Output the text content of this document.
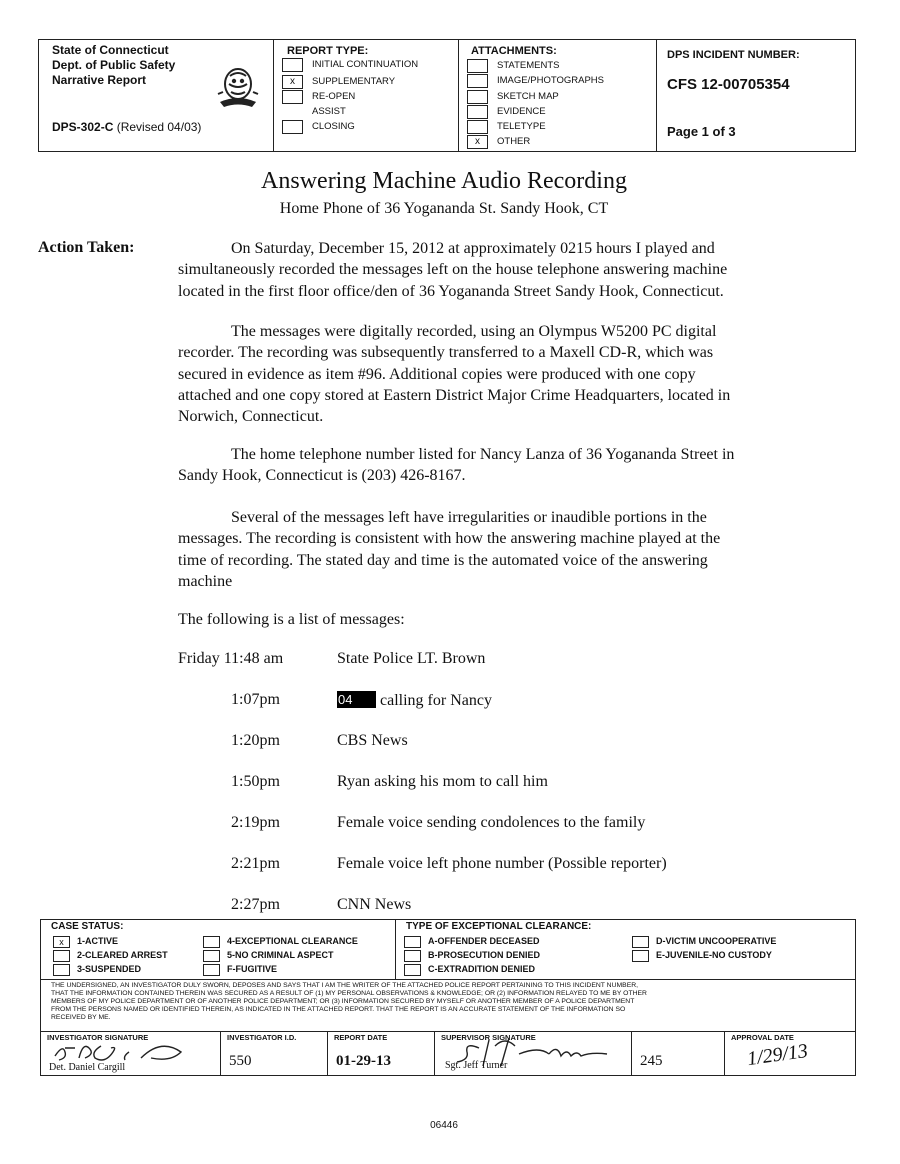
State of Connecticut
Dept. of Public Safety
Narrative Report
DPS-302-C (Revised 04/03)
REPORT TYPE:
INITIAL CONTINUATION
x	SUPPLEMENTARY
RE-OPEN
ASSIST
CLOSING
ATTACHMENTS:
STATEMENTS
IMAGE/PHOTOGRAPHS
SKETCH MAP
EVIDENCE
TELETYPE
x	OTHER
DPS INCIDENT NUMBER:
CFS 12-00705354
Page 1 of 3
Answering Machine Audio Recording
Home Phone of 36 Yogananda St. Sandy Hook, CT
Action Taken:	On Saturday, December 15, 2012 at approximately 0215 hours I played and
simultaneously recorded the messages left on the house telephone answering machine
located in the first floor office/den of 36 Yogananda Street Sandy Hook, Connecticut.
The messages were digitally recorded, using an Olympus W5200 PC digital
recorder. The recording was subsequently transferred to a Maxell CD-R, which was
secured in evidence as item #96. Additional copies were produced with one copy
attached and one copy stored at Eastern District Major Crime Headquarters, located in
Norwich, Connecticut.
The home telephone number listed for Nancy Lanza of 36 Yogananda Street in
Sandy Hook, Connecticut is (203) 426-8167.
Several of the messages left have irregularities or inaudible portions in the
messages. The recording is consistent with how the answering machine played at the
time of recording. The stated day and time is the automated voice of the answering
machine
The following is a list of messages:
Friday 11:48 am	State Police LT. Brown
1:07pm	04 calling for Nancy
1:20pm	CBS News
1:50pm	Ryan asking his mom to call him
2:19pm	Female voice sending condolences to the family
2:21pm	Female voice left phone number (Possible reporter)
2:27pm	CNN News
CASE STATUS:
x	1-ACTIVE
2-CLEARED ARREST
3-SUSPENDED
4-EXCEPTIONAL CLEARANCE
5-NO CRIMINAL ASPECT
F-FUGITIVE
TYPE OF EXCEPTIONAL CLEARANCE:
A-OFFENDER DECEASED
B-PROSECUTION DENIED
C-EXTRADITION DENIED
D-VICTIM UNCOOPERATIVE
E-JUVENILE-NO CUSTODY
THE UNDERSIGNED, AN INVESTIGATOR DULY SWORN, DEPOSES AND SAYS THAT I AM THE WRITER OF THE ATTACHED POLICE REPORT PERTAINING TO THIS INCIDENT NUMBER,
THAT THE INFORMATION CONTAINED THEREIN WAS SECURED AS A RESULT OF (1) MY PERSONAL OBSERVATIONS & KNOWLEDGE; OR (2) INFORMATION RELAYED TO ME BY OTHER
MEMBERS OF MY POLICE DEPARTMENT OR OF ANOTHER POLICE DEPARTMENT; OR (3) INFORMATION SECURED BY MYSELF OR ANOTHER MEMBER OF A POLICE DEPARTMENT
FROM THE PERSONS NAMED OR IDENTIFIED THEREIN, AS INDICATED IN THE ATTACHED REPORT. THAT THE REPORT IS AN ACCURATE STATEMENT OF THE INFORMATION SO
RECEIVED BY ME.
INVESTIGATOR SIGNATURE
Det. Daniel Cargill
INVESTIGATOR I.D.
550
REPORT DATE
01-29-13
SUPERVISOR SIGNATURE
Sgt. Jeff Turner	245
APPROVAL DATE
1/29/13
06446
